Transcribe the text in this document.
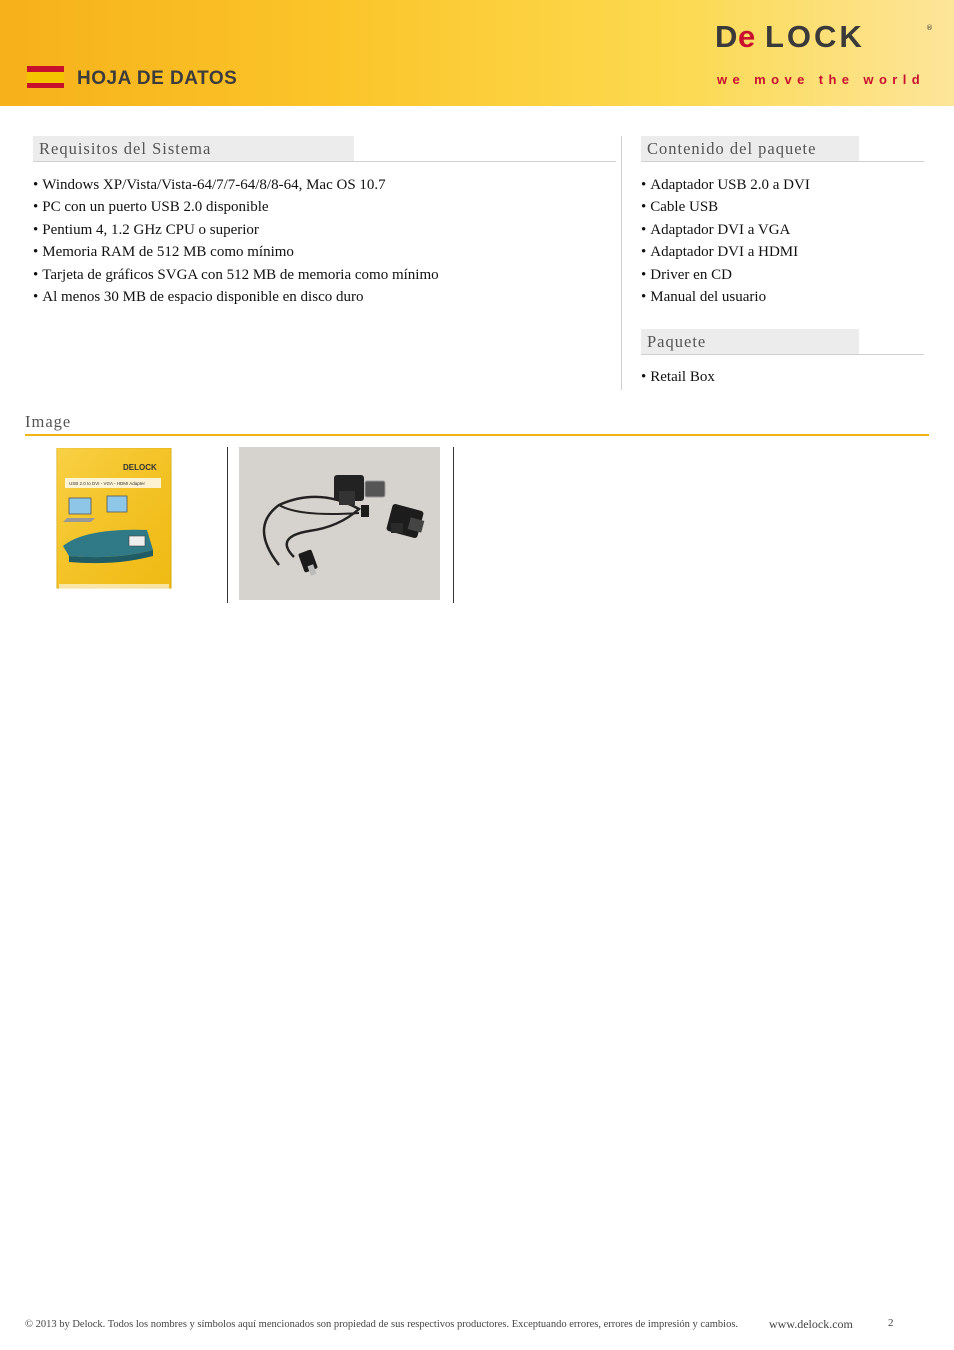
HOJA DE DATOS
D
e LOCK	®
we move the world
Requisitos del Sistema
• Windows XP/Vista/Vista-64/7/7-64/8/8-64, Mac OS 10.7
• PC con un puerto USB 2.0 disponible
• Pentium 4, 1.2 GHz CPU o superior
• Memoria RAM de 512 MB como mínimo
• Tarjeta de gráficos SVGA con 512 MB de memoria como mínimo
• Al menos 30 MB de espacio disponible en disco duro
Contenido del paquete
• Adaptador USB 2.0 a DVI
• Cable USB
• Adaptador DVI a VGA
• Adaptador DVI a HDMI
• Driver en CD
• Manual del usuario
Paquete
• Retail Box
Image
DELOCK
USB 2.0 to DVI - VGA - HDMI Adapter
© 2013 by Delock. Todos los nombres y símbolos aquí mencionados son propiedad de sus respectivos productores. Exceptuando errores, errores de impresión y cambios.	www.delock.com	2
